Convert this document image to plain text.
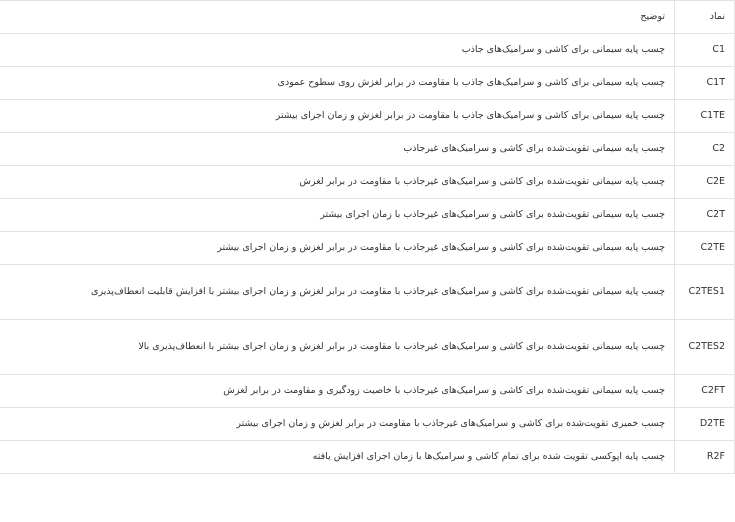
نماد	توضیح
C1	چسب پایه سیمانی برای کاشی و سرامیک‌های جاذب
C1T	چسب پایه سیمانی برای کاشی و سرامیک‌های جاذب با مقاومت در برابر لغزش روی سطوح عمودی
C1TE	چسب پایه سیمانی برای کاشی و سرامیک‌های جاذب با مقاومت در برابر لغزش و زمان اجرای بیشتر
C2	چسب پایه سیمانی تقویت‌شده برای کاشی و سرامیک‌های غیرجاذب
C2E	چسب پایه سیمانی تقویت‌شده برای کاشی و سرامیک‌های غیرجاذب با مقاومت در برابر لغزش
C2T	چسب پایه سیمانی تقویت‌شده برای کاشی و سرامیک‌های غیرجاذب با زمان اجرای بیشتر
C2TE	چسب پایه سیمانی تقویت‌شده برای کاشی و سرامیک‌های غیرجاذب با مقاومت در برابر لغزش و زمان اجرای بیشتر
C2TES1	چسب پایه سیمانی تقویت‌شده برای کاشی و سرامیک‌های غیرجاذب با مقاومت در برابر لغزش و زمان اجرای بیشتر با افزایش قابلیت انعطاف‌پذیری
C2TES2	چسب پایه سیمانی تقویت‌شده برای کاشی و سرامیک‌های غیرجاذب با مقاومت در برابر لغزش و زمان اجرای بیشتر با انعطاف‌پذیری بالا
C2FT	چسب پایه سیمانی تقویت‌شده برای کاشی و سرامیک‌های غیرجاذب با خاصیت زودگیری و مقاومت در برابر لغزش
D2TE	چسب خمیری تقویت‌شده برای کاشی و سرامیک‌های غیرجاذب با مقاومت در برابر لغزش و زمان اجرای بیشتر
R2F	چسب پایه اپوکسی تقویت شده برای تمام کاشی و سرامیک‌ها با زمان اجرای افزایش یافته
